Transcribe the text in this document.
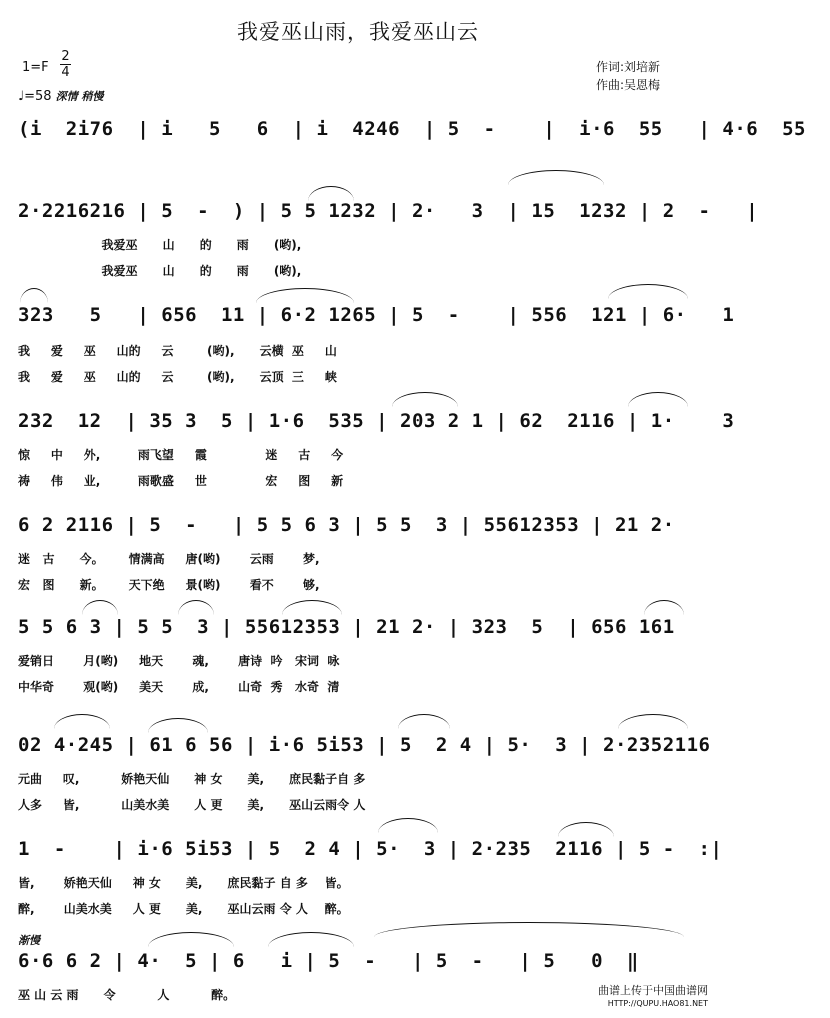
我爱巫山雨，我爱巫山云
1=F
2
4
♩=58 深情 稍慢
作词:刘培新
作曲:吴恩梅
(i  2i76  | i   5   6  | i  4246  | 5  -    |  i·6  55   | 4·6  55
2·2216216 | 5  -  ) | 5 5 1232 | 2·   3  | 15  1232 | 2  -   |
我爱巫      山      的      雨      (哟),
我爱巫      山      的      雨      (哟),
323   5   | 656  11 | 6·2 1265 | 5  -    | 556  121 | 6·   1
我     爱     巫     山的     云        (哟),      云横  巫     山
我     爱     巫     山的     云        (哟),      云顶  三     峡
232  12  | 35 3  5 | 1·6  535 | 203 2 1 | 62  2116 | 1·    3
惊     中     外,         雨飞望     霞              迷     古     今
祷     伟     业,         雨歌盛     世              宏     图     新
6 2 2116 | 5  -   | 5 5 6 3 | 5 5  3 | 55612353 | 21 2·
迷   古      今。      情满高     唐(哟)       云雨       梦,
宏   图      新。      天下绝     景(哟)       看不       够,
5 5 6 3 | 5 5  3 | 55612353 | 21 2· | 323  5  | 656 161
爱销日       月(哟)     地天       魂,       唐诗  吟   宋词  咏
中华奇       观(哟)     美天       成,       山奇  秀   水奇  清
02 4·245 | 61 6 56 | i·6 5i53 | 5  2 4 | 5·  3 | 2·2352116
元曲     叹,          娇艳天仙      神 女      美,      庶民黏子自 多
人多     皆,          山美水美      人 更      美,      巫山云雨令 人
1  -    | i·6 5i53 | 5  2 4 | 5·  3 | 2·235  2116 | 5 -  :|
皆,       娇艳天仙     神 女      美,      庶民黏子 自 多    皆。
醉,       山美水美     人 更      美,      巫山云雨 令 人    醉。
渐慢
6·6 6 2 | 4·  5 | 6   i | 5  -   | 5  -   | 5   0  ‖
巫 山 云 雨      令          人          醉。	曲谱上传于中国曲谱网
HTTP://QUPU.HAO81.NET
